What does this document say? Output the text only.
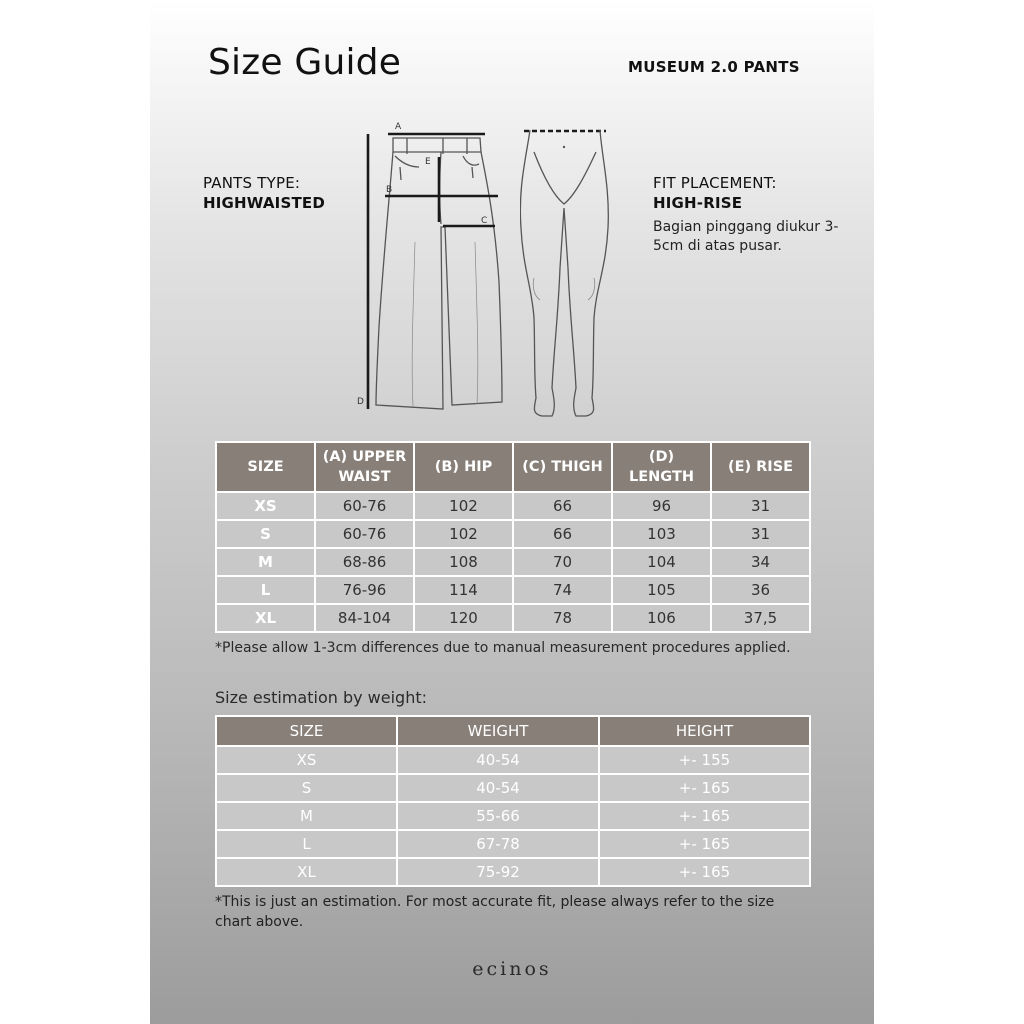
Size Guide	MUSEUM 2.0 PANTS
PANTS TYPE:
HIGHWAISTED
FIT PLACEMENT:
HIGH-RISE
Bagian pinggang diukur 3-5cm di atas pusar.
A
B
C
D
E
SIZE	(A) UPPER WAIST	(B) HIP	(C) THIGH	(D) LENGTH	(E) RISE
XS	60-76	102	66	96	31
S	60-76	102	66	103	31
M	68-86	108	70	104	34
L	76-96	114	74	105	36
XL	84-104	120	78	106	37,5
*Please allow 1-3cm differences due to manual measurement procedures applied.
Size estimation by weight:
SIZE	WEIGHT	HEIGHT
XS	40-54	+- 155
S	40-54	+- 165
M	55-66	+- 165
L	67-78	+- 165
XL	75-92	+- 165
*This is just an estimation. For most accurate fit, please always refer to the size chart above.
ecinos
